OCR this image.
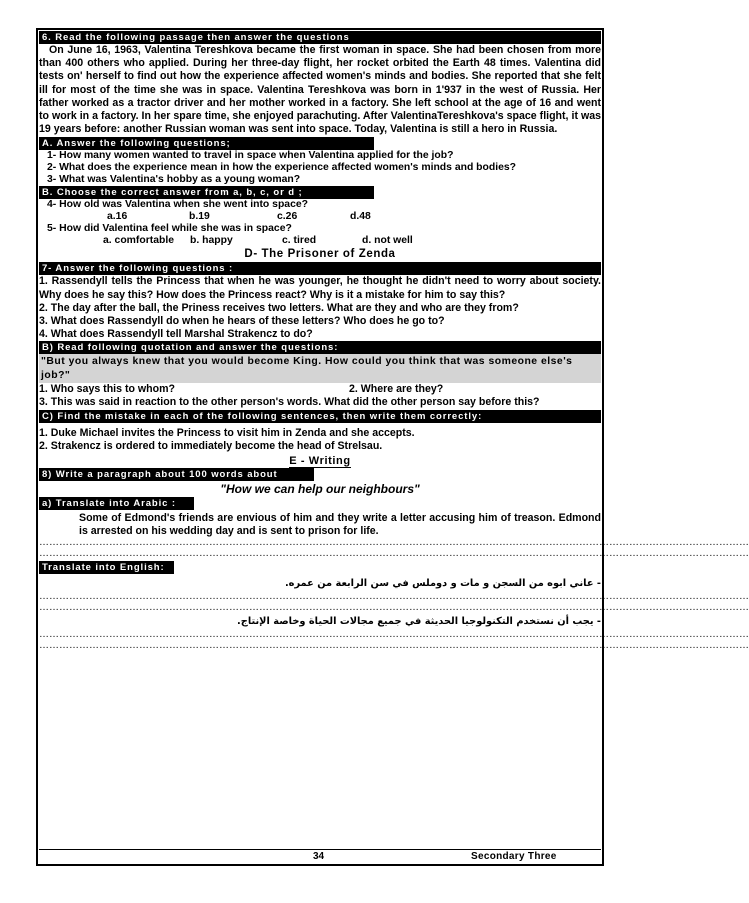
6. Read the following passage then answer the questions
On June 16, 1963, Valentina Tereshkova became the first woman in space. She had been chosen from more than 400 others who applied. During her three-day flight, her rocket orbited the Earth 48 times. Valentina did tests on' herself to find out how the experience affected women's minds and bodies. She reported that she felt ill for most of the time she was in space. Valentina Tereshkova was born in 1'937 in the west of Russia. Her father worked as a tractor driver and her mother worked in a factory. She left school at the age of 16 and went to work in a factory. In her spare time, she enjoyed parachuting. After ValentinaTereshkova's space flight, it was 19 years before: another Russian woman was sent into space. Today, Valentina is still a hero in Russia.
A. Answer the following questions;
1- How many women wanted to travel in space when Valentina applied for the job?
2- What does the experience mean in how the experience affected women's minds and bodies?
3- What was Valentina's hobby as a young woman?
B. Choose the correct answer from a, b, c, or d ;
4- How old was Valentina when she went into space?
a.16	b.19	c.26	d.48
5- How did Valentina feel while she was in space?
a. comfortable b. happy	c. tired	d. not well
D- The Prisoner of Zenda
7- Answer the following questions :
1. Rassendyll tells the Princess that when he was younger, he thought he didn't need to worry about society. Why does he say this? How does the Princess react? Why is it a mistake for him to say this?
2. The day after the ball, the Priness receives two letters. What are they and who are they from?
3. What does Rassendyll do when he hears of these letters? Who does he go to?
4. What does Rassendyll tell Marshal Strakencz to do?
B) Read following quotation and answer the questions:
"But you always knew that you would become King. How could you think that was someone else's job?"
1. Who says this to whom?	2. Where are they?
3. This was said in reaction to the other person's words. What did the other person say before this?
C) Find the mistake in each of the following sentences, then write them correctly:
1. Duke Michael invites the Princess to visit him in Zenda and she accepts.
2. Strakencz is ordered to immediately become the head of Strelsau.
E - Writing
8) Write a paragraph about 100 words about
"How we can help our neighbours"
a) Translate into Arabic :
Some of Edmond's friends are envious of him and they write a letter accusing him of treason. Edmond is arrested on his wedding day and is sent to prison for life.
……………………………………………………………………………………………………………………………………………………………………………………………
……………………………………………………………………………………………………………………………………………………………………………………………
Translate into English:
- عاني ابوه من السجن و مات و دوملس في سن الرابعة من عمره.
……………………………………………………………………………………………………………………………………………………………………………………………
……………………………………………………………………………………………………………………………………………………………………………………………
- يجب أن نستخدم التكنولوجيا الحديثة في جميع مجالات الحياة وخاصة الإنتاج.
……………………………………………………………………………………………………………………………………………………………………………………………
……………………………………………………………………………………………………………………………………………………………………………………………
34	Secondary Three
